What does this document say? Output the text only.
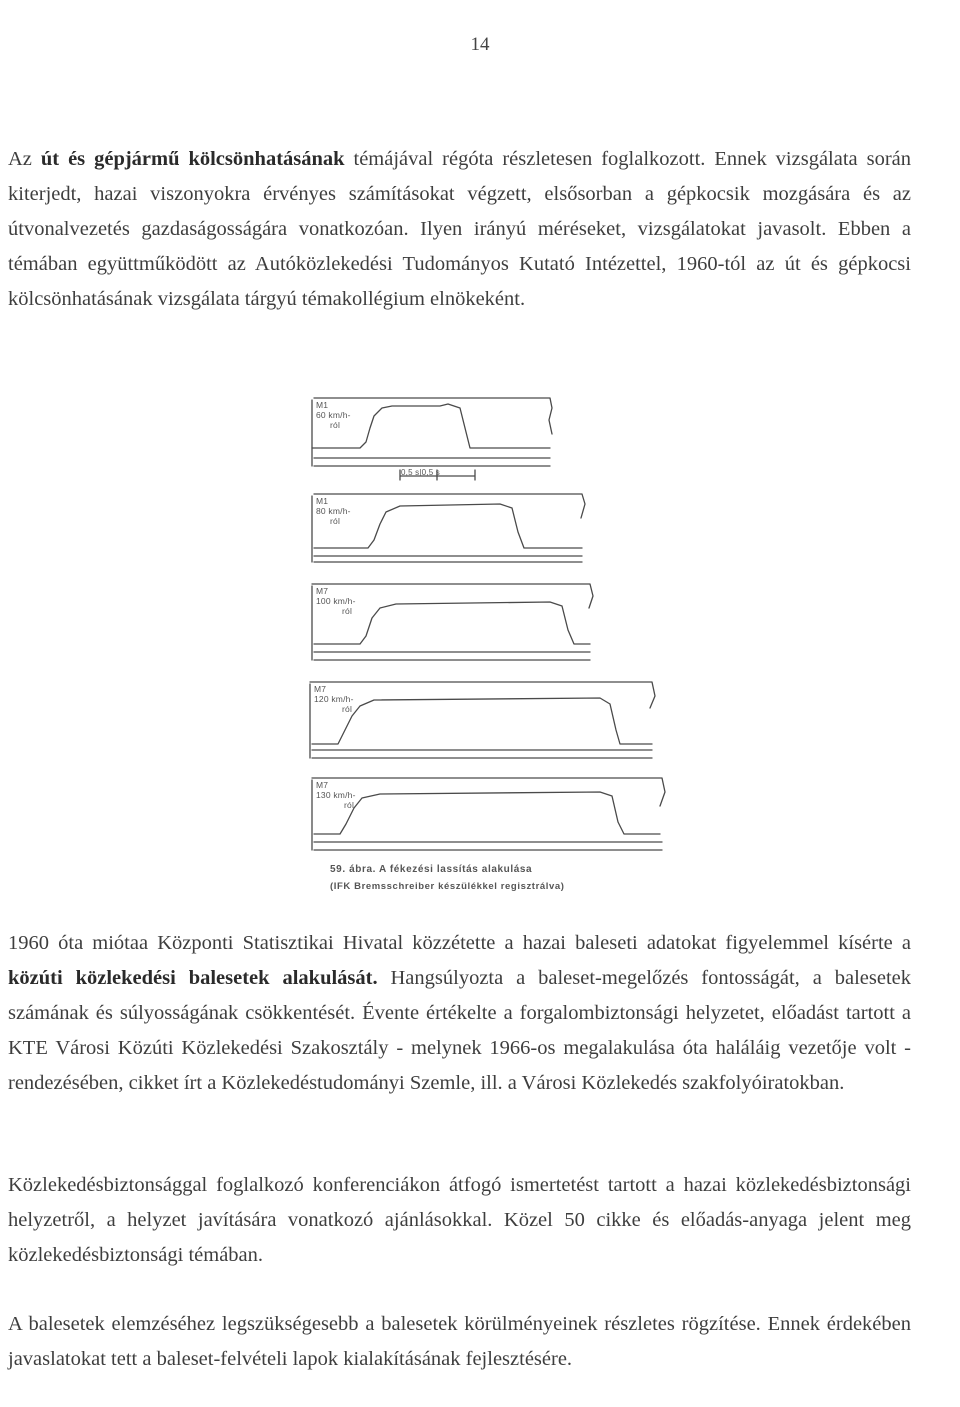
14

Az út és gépjármű kölcsönhatásának témájával régóta részletesen foglalkozott. Ennek vizsgálata során kiterjedt, hazai viszonyokra érvényes számításokat végzett, elsősorban a gépkocsik mozgására és az útvonalvezetés gazdaságosságára vonatkozóan. Ilyen irányú méréseket, vizsgálatokat javasolt. Ebben a témában együttműködött az Autóközlekedési Tudományos Kutató Intézettel, 1960-tól az út és gépkocsi kölcsönhatásának vizsgálata tárgyú témakollégium elnökeként.

M1
60 km/h-
ról
0,5 s|0,5 s
M1
80 km/h-
ról
M7
100 km/h-
ról
M7
120 km/h-
ról
M7
130 km/h-
ról
59. ábra. A fékezési lassítás alakulása
(IFK Bremsschreiber készülékkel regisztrálva)

1960 óta miótaa Központi Statisztikai Hivatal közzétette a hazai baleseti adatokat figyelemmel kísérte a közúti közlekedési balesetek alakulását. Hangsúlyozta a baleset-megelőzés fontosságát, a balesetek számának és súlyosságának csökkentését. Évente értékelte a forgalombiztonsági helyzetet, előadást tartott a KTE Városi Közúti Közlekedési Szakosztály - melynek 1966-os megalakulása óta haláláig vezetője volt - rendezésében, cikket írt a Közlekedéstudományi Szemle, ill. a Városi Közlekedés szakfolyóiratokban.

Közlekedésbiztonsággal foglalkozó konferenciákon átfogó ismertetést tartott a hazai közlekedésbiztonsági helyzetről, a helyzet javítására vonatkozó ajánlásokkal. Közel 50 cikke és előadás-anyaga jelent meg közlekedésbiztonsági témában.

A balesetek elemzéséhez legszükségesebb a balesetek körülményeinek részletes rögzítése. Ennek érdekében javaslatokat tett a baleset-felvételi lapok kialakításának fejlesztésére.
